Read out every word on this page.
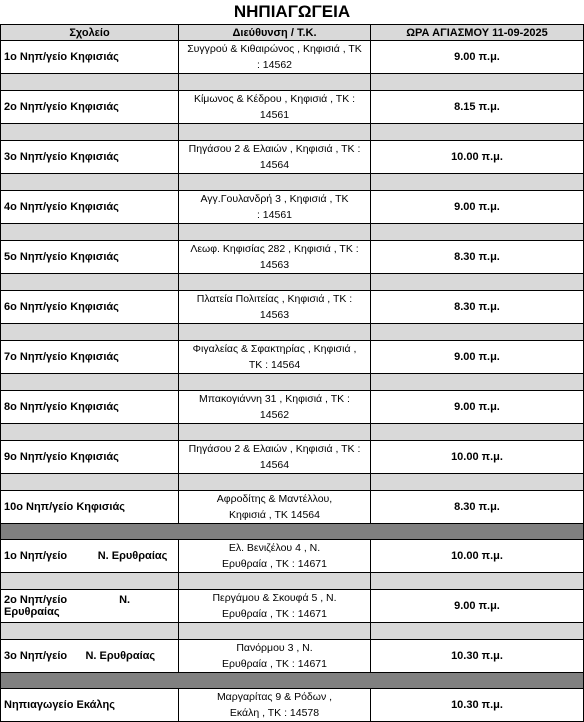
ΝΗΠΙΑΓΩΓΕΙΑ
Σχολείο	Διεύθυνση / Τ.Κ.	ΩΡΑ ΑΓΙΑΣΜΟΥ 11-09-2025
1ο Νηπ/γείο Κηφισιάς	Συγγρού & Κιθαιρώνος , Κηφισιά , ΤΚ
: 14562	9.00 π.μ.

2ο Νηπ/γείο Κηφισιάς	Κίμωνος & Κέδρου , Κηφισιά , ΤΚ :
14561	8.15 π.μ.

3ο Νηπ/γείο Κηφισιάς	Πηγάσου 2 & Ελαιών , Κηφισιά , ΤΚ :
14564	10.00 π.μ.

4ο Νηπ/γείο Κηφισιάς	Αγγ.Γουλανδρή 3 , Κηφισιά , ΤΚ
: 14561	9.00 π.μ.

5ο Νηπ/γείο Κηφισιάς	Λεωφ. Κηφισίας 282 , Κηφισιά , ΤΚ :
14563	8.30 π.μ.

6ο Νηπ/γείο Κηφισιάς	Πλατεία Πολιτείας , Κηφισιά , ΤΚ :
14563	8.30 π.μ.

7ο Νηπ/γείο Κηφισιάς	Φιγαλείας & Σφακτηρίας , Κηφισιά ,
ΤΚ : 14564	9.00 π.μ.

8ο Νηπ/γείο Κηφισιάς	Μπακογιάννη 31 , Κηφισιά , ΤΚ :
14562	9.00 π.μ.

9ο Νηπ/γείο Κηφισιάς	Πηγάσου 2 & Ελαιών , Κηφισιά , ΤΚ :
14564	10.00 π.μ.

10ο Νηπ/γείο Κηφισιάς	Αφροδίτης & Μαντέλλου,
Κηφισιά , ΤΚ 14564	8.30 π.μ.

1ο Νηπ/γείο          Ν. Ερυθραίας	Ελ. Βενιζέλου 4 , Ν.
Ερυθραία , ΤΚ : 14671	10.00 π.μ.

2ο Νηπ/γείο                 Ν.
Ερυθραίας	Περγάμου & Σκουφά 5 , Ν.
Ερυθραία , ΤΚ : 14671	9.00 π.μ.

3ο Νηπ/γείο      Ν. Ερυθραίας	Πανόρμου 3 , Ν.
Ερυθραία , ΤΚ : 14671	10.30 π.μ.

Νηπιαγωγείο Εκάλης	Μαργαρίτας 9 & Ρόδων ,
Εκάλη , ΤΚ : 14578	10.30 π.μ.
